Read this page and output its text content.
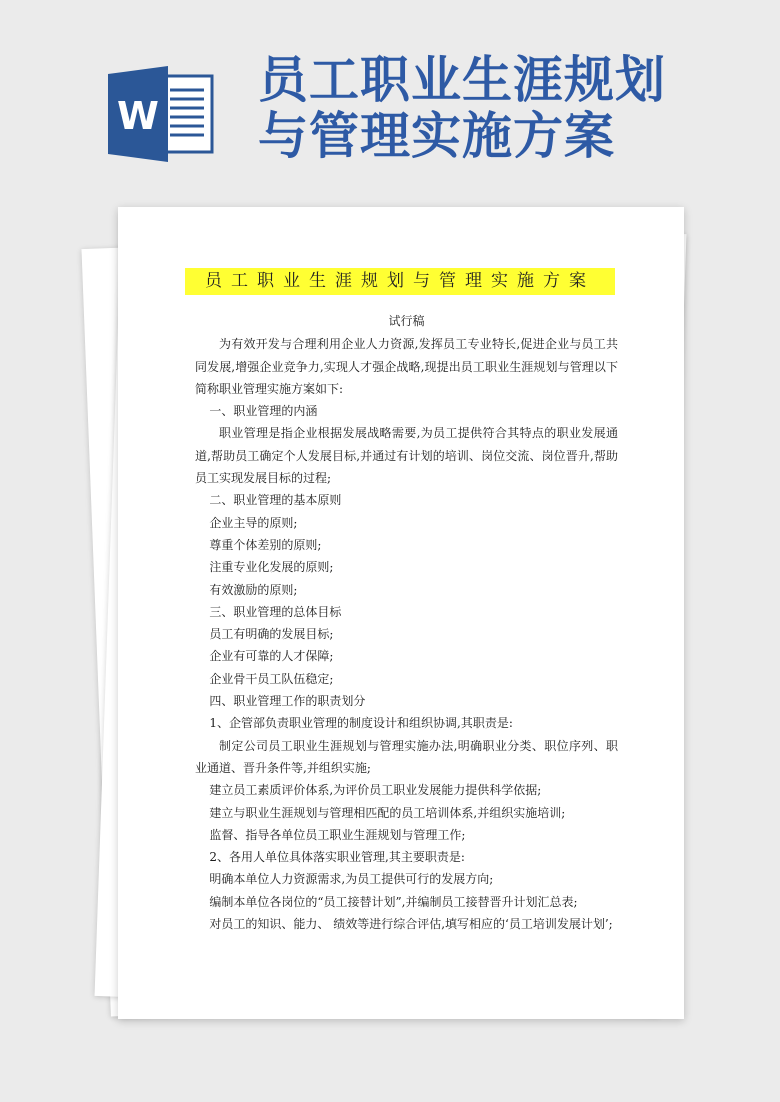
W
员工职业生涯规划
与管理实施方案
员工职业生涯规划与管理实施方案
试行稿

为有效开发与合理利用企业人力资源,发挥员工专业特长,促进企业与员工共同发展,增强企业竞争力,实现人才强企战略,现提出员工职业生涯规划与管理以下简称职业管理实施方案如下:

一、职业管理的内涵

职业管理是指企业根据发展战略需要,为员工提供符合其特点的职业发展通道,帮助员工确定个人发展目标,并通过有计划的培训、岗位交流、岗位晋升,帮助员工实现发展目标的过程;

二、职业管理的基本原则

企业主导的原则;

尊重个体差别的原则;

注重专业化发展的原则;

有效激励的原则;

三、职业管理的总体目标

员工有明确的发展目标;

企业有可靠的人才保障;

企业骨干员工队伍稳定;

四、职业管理工作的职责划分

1、企管部负责职业管理的制度设计和组织协调,其职责是:

制定公司员工职业生涯规划与管理实施办法,明确职业分类、职位序列、职业通道、晋升条件等,并组织实施;

建立员工素质评价体系,为评价员工职业发展能力提供科学依据;

建立与职业生涯规划与管理相匹配的员工培训体系,并组织实施培训;

监督、指导各单位员工职业生涯规划与管理工作;

2、各用人单位具体落实职业管理,其主要职责是:

明确本单位人力资源需求,为员工提供可行的发展方向;

编制本单位各岗位的“员工接替计划”,并编制员工接替晋升计划汇总表;

对员工的知识、能力、 绩效等进行综合评估,填写相应的‘员工培训发展计划’;
